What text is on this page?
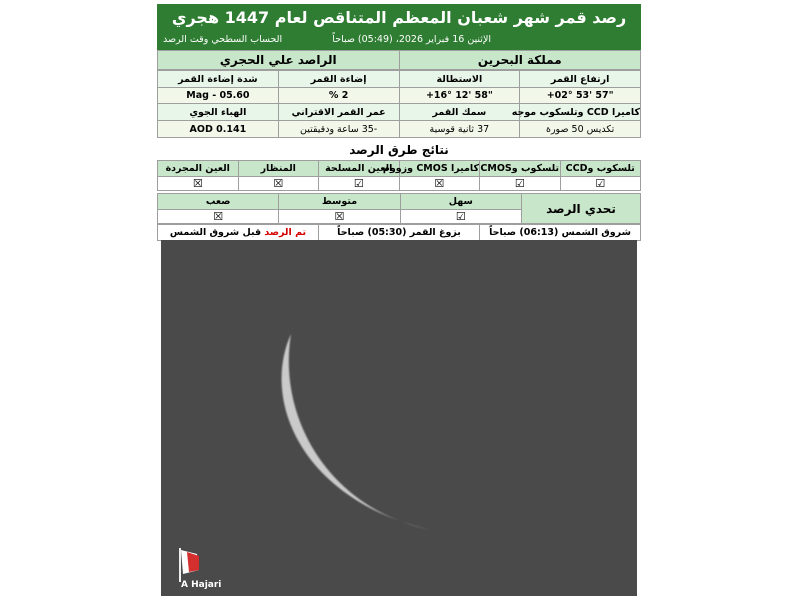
رصد قمر شهر شعبان المعظم المتناقص لعام 1447 هجري
الإثنين 16 فبراير 2026، (05:49) صباحاً
الحساب السطحي وقت الرصد
الراصد علي الحجري	مملكة البحرين
شدة إضاءة القمر	إضاءة القمر	الاستطالة	ارتفاع القمر
Mag - 05.60	2 %	+16° 12' 58"	+02° 53' 57"
الهباء الجوي	عمر القمر الاقتراني	سمك القمر	كاميرا CCD وتلسكوب موجه
AOD 0.141	-35 ساعة ودقيقتين	37 ثانية قوسية	تكديس 50 صورة
نتائج طرق الرصد
العين المجردة	المنظار	العين المسلحة	كاميرا CMOS وزووم	تلسكوب وCMOS	تلسكوب وCCD
☒	☒	☑	☒	☑	☑
صعب	متوسط	سهل	تحدي الرصد
☒	☒	☑	
تم الرصد قبل شروق الشمس	بزوغ القمر (05:30) صباحاً	شروق الشمس (06:13) صباحاً
A Hajari
